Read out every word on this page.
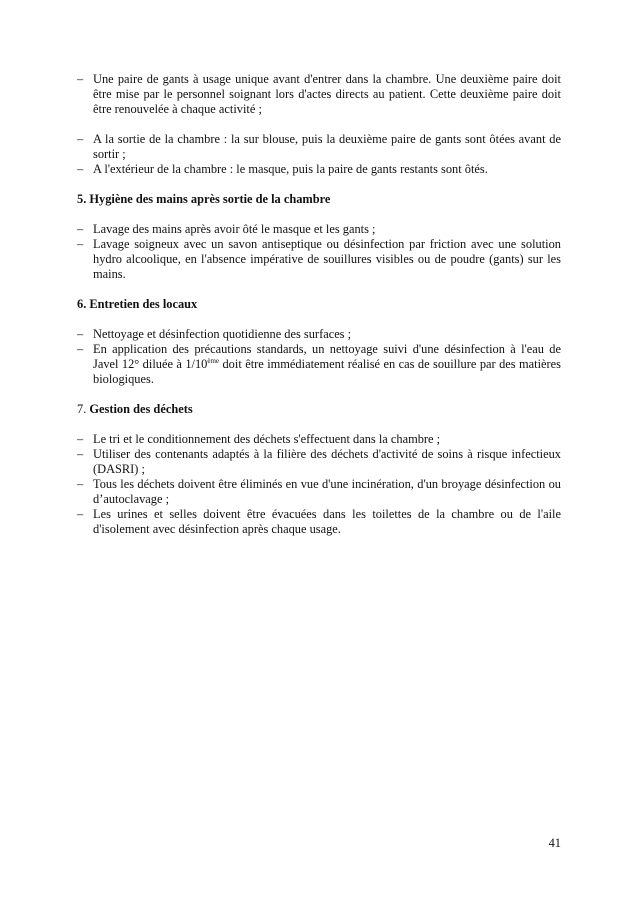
– Une paire de gants à usage unique avant d'entrer dans la chambre. Une deuxième paire doit être mise par le personnel soignant lors d'actes directs au patient. Cette deuxième paire doit être renouvelée à chaque activité ;
– A la sortie de la chambre : la sur blouse, puis la deuxième paire de gants sont ôtées avant de sortir ;
– A l'extérieur de la chambre : le masque, puis la paire de gants restants sont ôtés.

5. Hygiène des mains après sortie de la chambre

– Lavage des mains après avoir ôté le masque et les gants ;
– Lavage soigneux avec un savon antiseptique ou désinfection par friction avec une solution hydro alcoolique, en l'absence impérative de souillures visibles ou de poudre (gants) sur les mains.

6. Entretien des locaux

– Nettoyage et désinfection quotidienne des surfaces ;
– En application des précautions standards, un nettoyage suivi d'une désinfection à l'eau de Javel 12° diluée à 1/10ème doit être immédiatement réalisé en cas de souillure par des matières biologiques.

7. Gestion des déchets

– Le tri et le conditionnement des déchets s'effectuent dans la chambre ;
– Utiliser des contenants adaptés à la filière des déchets d'activité de soins à risque infectieux (DASRI) ;
– Tous les déchets doivent être éliminés en vue d'une incinération, d'un broyage désinfection ou d’autoclavage ;
– Les urines et selles doivent être évacuées dans les toilettes de la chambre ou de l'aile d'isolement avec désinfection après chaque usage.
41
